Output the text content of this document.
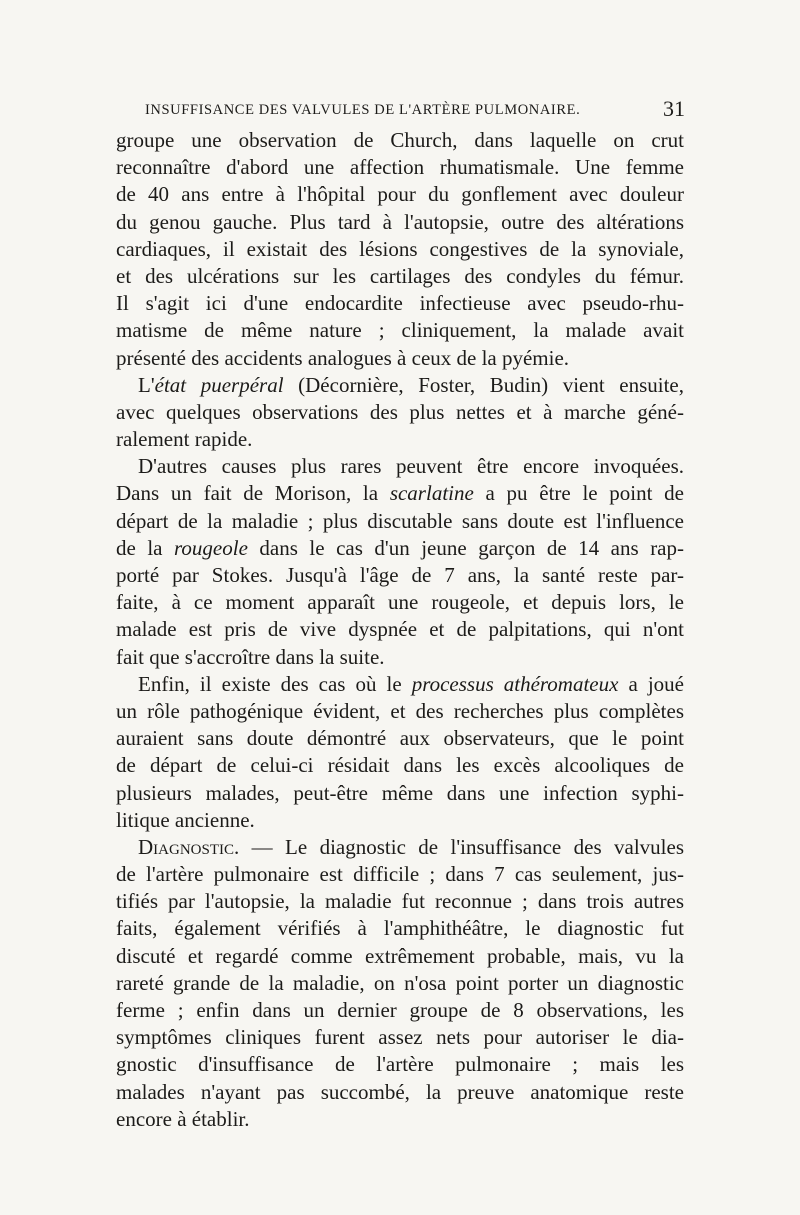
INSUFFISANCE DES VALVULES DE L'ARTÈRE PULMONAIRE.	31
groupe une observation de Church, dans laquelle on crut
reconnaître d'abord une affection rhumatismale. Une femme
de 40 ans entre à l'hôpital pour du gonflement avec douleur
du genou gauche. Plus tard à l'autopsie, outre des altérations
cardiaques, il existait des lésions congestives de la synoviale,
et des ulcérations sur les cartilages des condyles du fémur.
Il s'agit ici d'une endocardite infectieuse avec pseudo-rhu-
matisme de même nature ; cliniquement, la malade avait
présenté des accidents analogues à ceux de la pyémie.
L'état puerpéral (Décornière, Foster, Budin) vient ensuite,
avec quelques observations des plus nettes et à marche géné-
ralement rapide.
D'autres causes plus rares peuvent être encore invoquées.
Dans un fait de Morison, la scarlatine a pu être le point de
départ de la maladie ; plus discutable sans doute est l'influence
de la rougeole dans le cas d'un jeune garçon de 14 ans rap-
porté par Stokes. Jusqu'à l'âge de 7 ans, la santé reste par-
faite, à ce moment apparaît une rougeole, et depuis lors, le
malade est pris de vive dyspnée et de palpitations, qui n'ont
fait que s'accroître dans la suite.
Enfin, il existe des cas où le processus athéromateux a joué
un rôle pathogénique évident, et des recherches plus complètes
auraient sans doute démontré aux observateurs, que le point
de départ de celui-ci résidait dans les excès alcooliques de
plusieurs malades, peut-être même dans une infection syphi-
litique ancienne.
Diagnostic. — Le diagnostic de l'insuffisance des valvules
de l'artère pulmonaire est difficile ; dans 7 cas seulement, jus-
tifiés par l'autopsie, la maladie fut reconnue ; dans trois autres
faits, également vérifiés à l'amphithéâtre, le diagnostic fut
discuté et regardé comme extrêmement probable, mais, vu la
rareté grande de la maladie, on n'osa point porter un diagnostic
ferme ; enfin dans un dernier groupe de 8 observations, les
symptômes cliniques furent assez nets pour autoriser le dia-
gnostic d'insuffisance de l'artère pulmonaire ; mais les
malades n'ayant pas succombé, la preuve anatomique reste
encore à établir.
